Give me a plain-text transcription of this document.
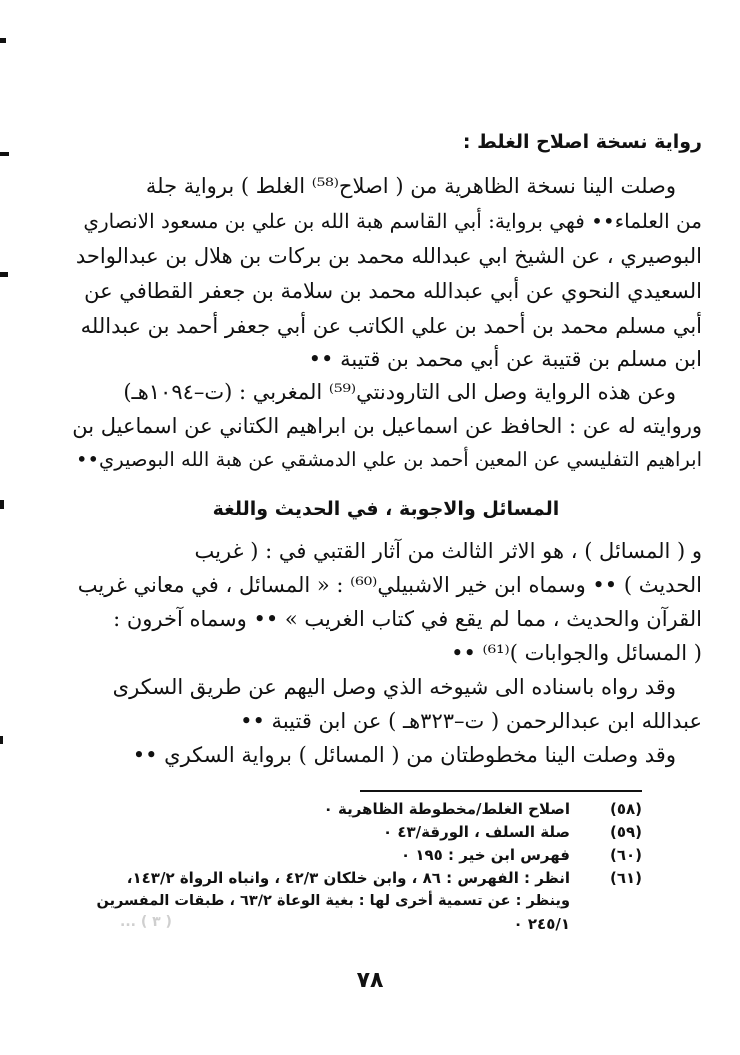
رواية نسخة اصلاح الغلط :
وصلت الينا نسخة الظاهرية من ( اصلاح⁽⁵⁸⁾ الغلط ) برواية جلة
من العلماء•• فهي برواية: أبي القاسم هبة الله بن علي بن مسعود الانصاري
البوصيري ، عن الشيخ ابي عبدالله محمد بن بركات بن هلال بن عبدالواحد
السعيدي النحوي عن أبي عبدالله محمد بن سلامة بن جعفر القطافي عن
أبي مسلم محمد بن أحمد بن علي الكاتب عن أبي جعفر أحمد بن عبدالله
ابن مسلم بن قتيبة عن أبي محمد بن قتيبة ••
وعن هذه الرواية وصل الى التارودنتي⁽⁵⁹⁾ المغربي : (ت–١٠٩٤هـ)
وروايته له عن : الحافظ عن اسماعيل بن ابراهيم الكتاني عن اسماعيل بن
ابراهيم التفليسي عن المعين أحمد بن علي الدمشقي عن هبة الله البوصيري••
المسائل والاجوبة ، في الحديث واللغة
و ( المسائل ) ، هو الاثر الثالث من آثار القتبي في : ( غريب
الحديث ) •• وسماه ابن خير الاشبيلي⁽⁶⁰⁾ : « المسائل ، في معاني غريب
القرآن والحديث ، مما لم يقع في كتاب الغريب » •• وسماه آخرون :
( المسائل والجوابات )⁽⁶¹⁾ ••
وقد رواه باسناده الى شيوخه الذي وصل اليهم عن طريق السكرى
عبدالله ابن عبدالرحمن ( ت–٣٢٣هـ ) عن ابن قتيبة ••
وقد وصلت الينا مخطوطتان من ( المسائل ) برواية السكري ••
(٥٨)
اصلاح الغلط/مخطوطة الظاهرية ٠
(٥٩)
صلة السلف ، الورقة/٤٣ ٠
(٦٠)
فهرس ابن خير : ١٩٥ ٠
(٦١)
انظر : الفهرس : ٨٦ ، وابن خلكان ٤٢/٣ ، وانباه الرواة ١٤٣/٢،
وينظر : عن تسمية أخرى لها : بغية الوعاة ٦٣/٢ ، طبقات المفسرين
٢٤٥/١ ٠
( ٣ ) ...
٧٨
